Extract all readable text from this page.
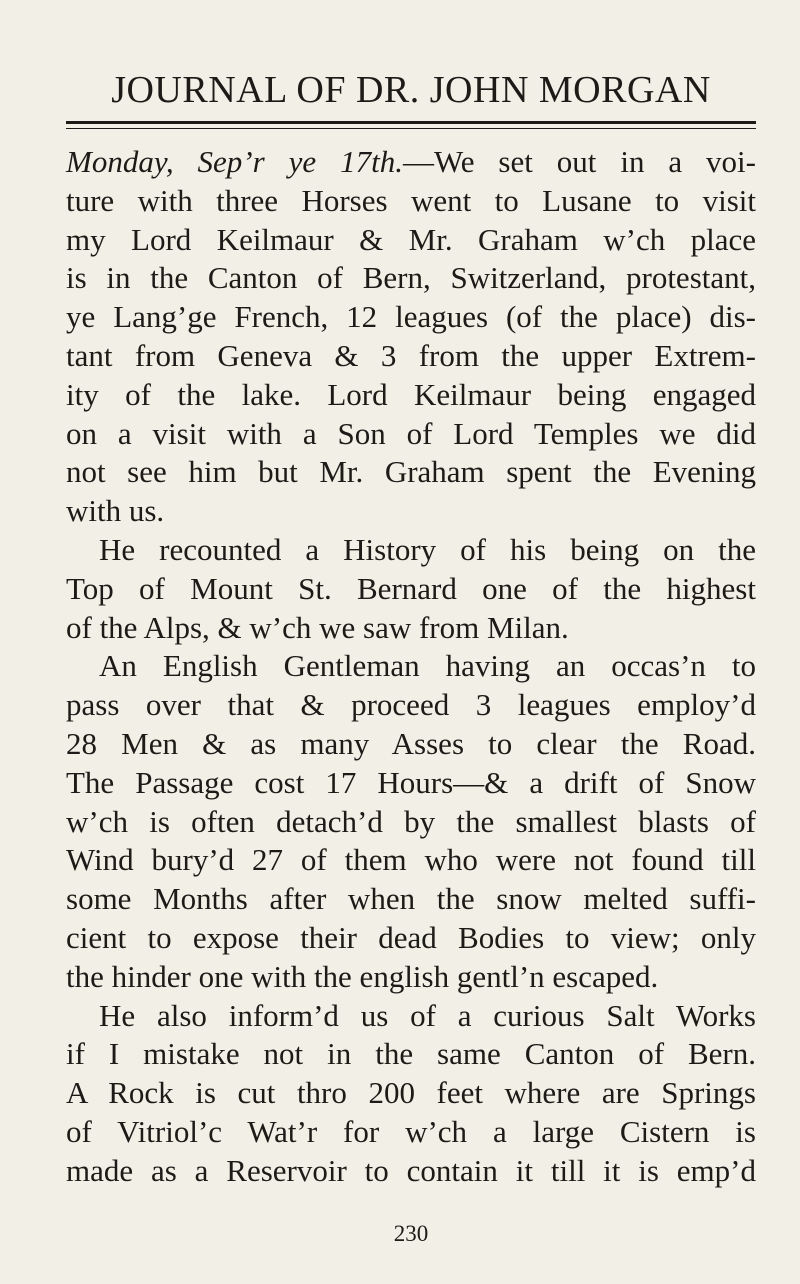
JOURNAL OF DR. JOHN MORGAN
Monday, Sep’r ye 17th.—We set out in a voi-
ture with three Horses went to Lusane to visit
my Lord Keilmaur & Mr. Graham w’ch place
is in the Canton of Bern, Switzerland, protestant,
ye Lang’ge French, 12 leagues (of the place) dis-
tant from Geneva & 3 from the upper Extrem-
ity of the lake. Lord Keilmaur being engaged
on a visit with a Son of Lord Temples we did
not see him but Mr. Graham spent the Evening
with us.
He recounted a History of his being on the
Top of Mount St. Bernard one of the highest
of the Alps, & w’ch we saw from Milan.
An English Gentleman having an occas’n to
pass over that & proceed 3 leagues employ’d
28 Men & as many Asses to clear the Road.
The Passage cost 17 Hours—& a drift of Snow
w’ch is often detach’d by the smallest blasts of
Wind bury’d 27 of them who were not found till
some Months after when the snow melted suffi-
cient to expose their dead Bodies to view; only
the hinder one with the english gentl’n escaped.
He also inform’d us of a curious Salt Works
if I mistake not in the same Canton of Bern.
A Rock is cut thro 200 feet where are Springs
of Vitriol’c Wat’r for w’ch a large Cistern is
made as a Reservoir to contain it till it is emp’d
230
